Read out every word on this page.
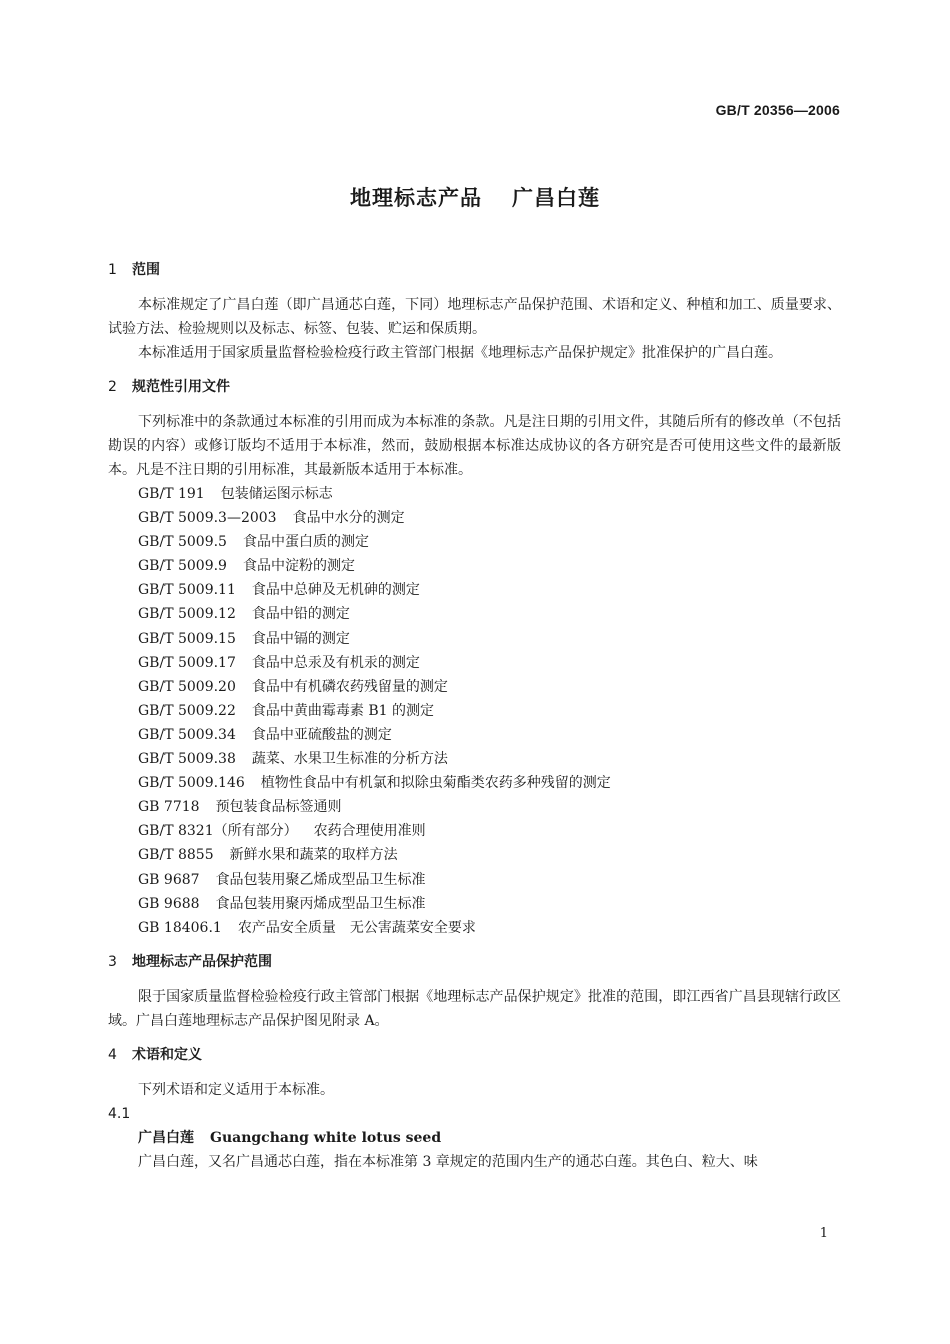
GB/T 20356—2006
地理标志产品 广昌白莲

1 范围

本标准规定了广昌白莲（即广昌通芯白莲，下同）地理标志产品保护范围、术语和定义、种植和加工、质量要求、试验方法、检验规则以及标志、标签、包装、贮运和保质期。

本标准适用于国家质量监督检验检疫行政主管部门根据《地理标志产品保护规定》批准保护的广昌白莲。

2 规范性引用文件

下列标准中的条款通过本标准的引用而成为本标准的条款。凡是注日期的引用文件，其随后所有的修改单（不包括勘误的内容）或修订版均不适用于本标准，然而，鼓励根据本标准达成协议的各方研究是否可使用这些文件的最新版本。凡是不注日期的引用标准，其最新版本适用于本标准。

GB/T 191 包装储运图示标志
GB/T 5009.3—2003 食品中水分的测定
GB/T 5009.5 食品中蛋白质的测定
GB/T 5009.9 食品中淀粉的测定
GB/T 5009.11 食品中总砷及无机砷的测定
GB/T 5009.12 食品中铅的测定
GB/T 5009.15 食品中镉的测定
GB/T 5009.17 食品中总汞及有机汞的测定
GB/T 5009.20 食品中有机磷农药残留量的测定
GB/T 5009.22 食品中黄曲霉毒素 B1 的测定
GB/T 5009.34 食品中亚硫酸盐的测定
GB/T 5009.38 蔬菜、水果卫生标准的分析方法
GB/T 5009.146 植物性食品中有机氯和拟除虫菊酯类农药多种残留的测定
GB 7718 预包装食品标签通则
GB/T 8321（所有部分） 农药合理使用准则
GB/T 8855 新鲜水果和蔬菜的取样方法
GB 9687 食品包装用聚乙烯成型品卫生标准
GB 9688 食品包装用聚丙烯成型品卫生标准
GB 18406.1 农产品安全质量　无公害蔬菜安全要求

3 地理标志产品保护范围

限于国家质量监督检验检疫行政主管部门根据《地理标志产品保护规定》批准的范围，即江西省广昌县现辖行政区域。广昌白莲地理标志产品保护图见附录 A。

4 术语和定义

下列术语和定义适用于本标准。

4.1

广昌白莲 Guangchang white lotus seed

广昌白莲，又名广昌通芯白莲，指在本标准第 3 章规定的范围内生产的通芯白莲。其色白、粒大、味

1
